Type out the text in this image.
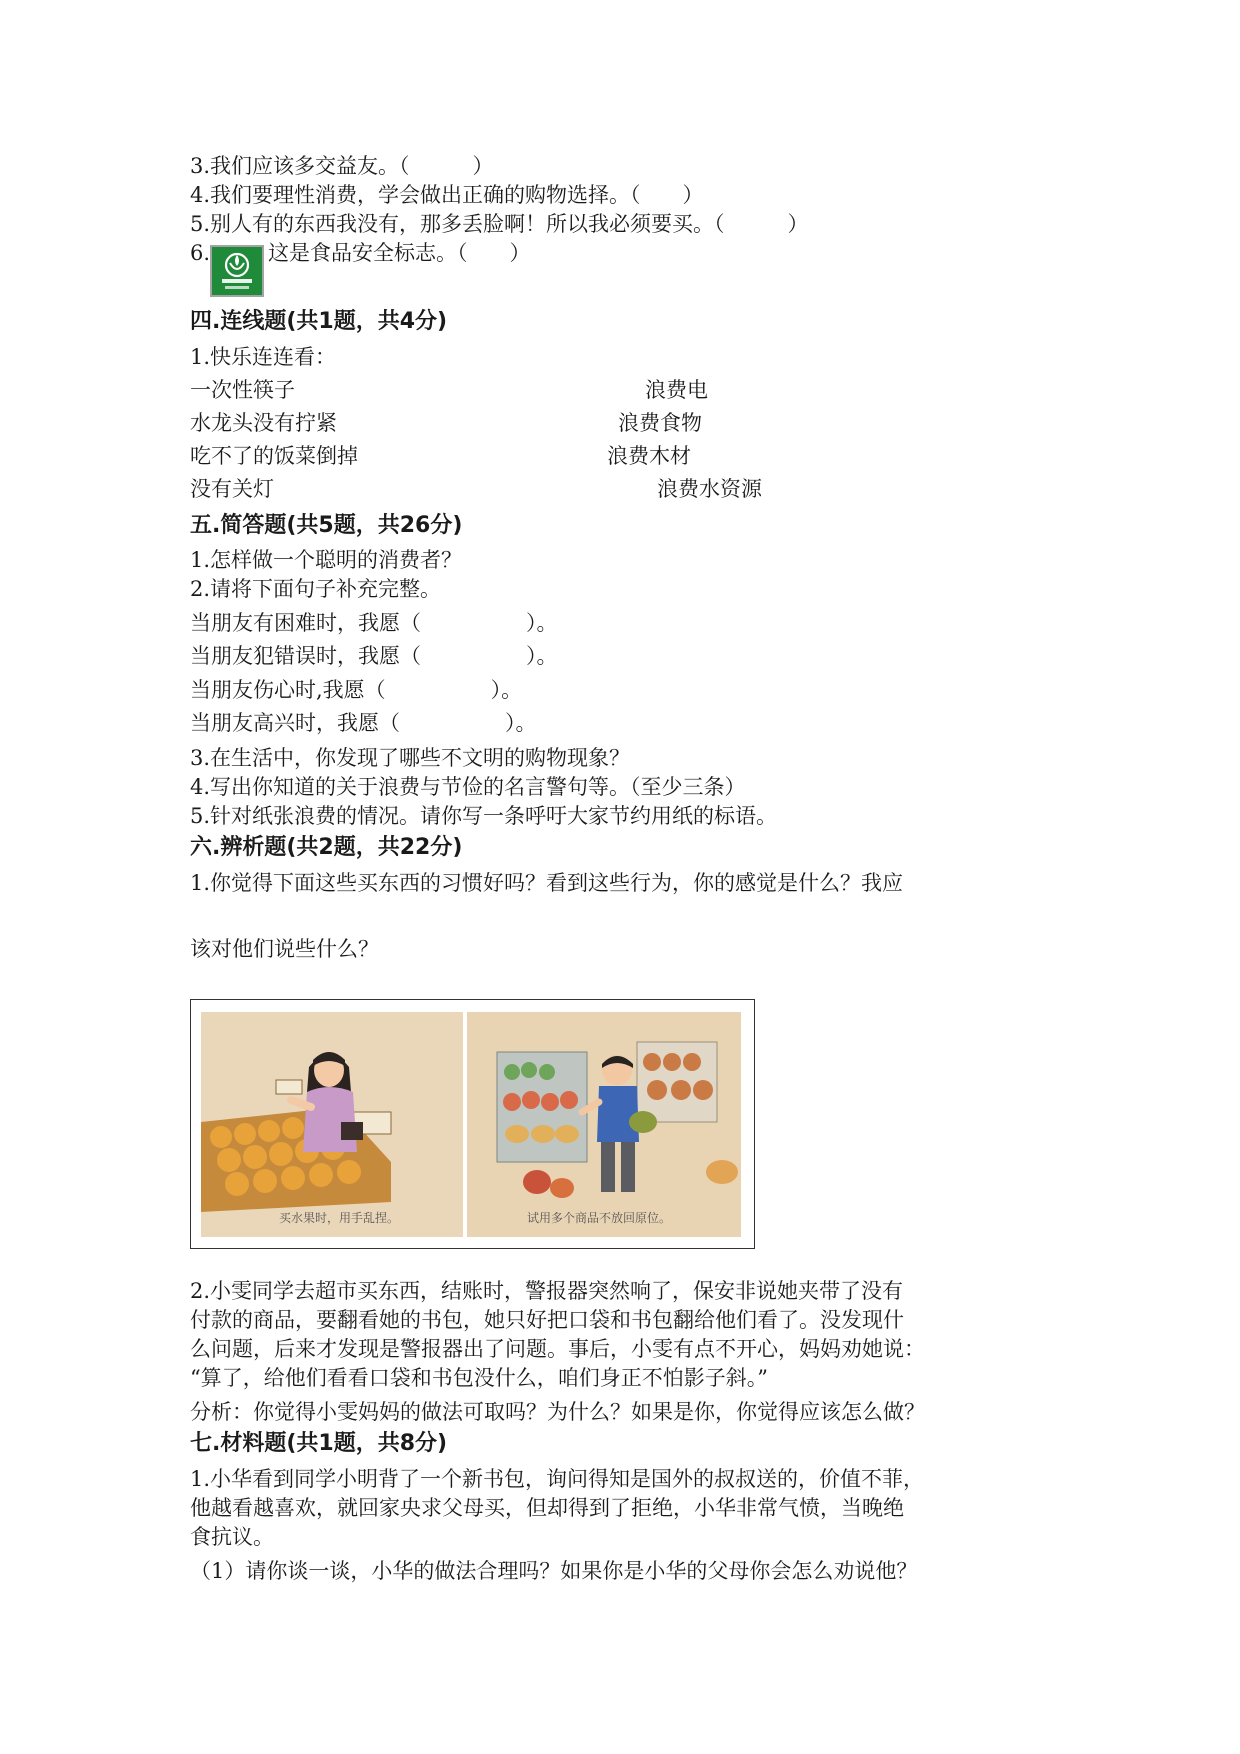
3.我们应该多交益友。（　　　）
4.我们要理性消费，学会做出正确的购物选择。（　　）
5.别人有的东西我没有，那多丢脸啊！所以我必须要买。（　　　）
6.	这是食品安全标志。（　　）
四.连线题(共1题，共4分)
1.快乐连连看：
一次性筷子
水龙头没有拧紧
吃不了的饭菜倒掉
没有关灯
浪费电
浪费食物
浪费木材
浪费水资源
五.简答题(共5题，共26分)
1.怎样做一个聪明的消费者？
2.请将下面句子补充完整。
当朋友有困难时，我愿（　　　　　）。
当朋友犯错误时，我愿（　　　　　）。
当朋友伤心时,我愿（　　　　　）。
当朋友高兴时，我愿（　　　　　）。
3.在生活中，你发现了哪些不文明的购物现象？
4.写出你知道的关于浪费与节俭的名言警句等。（至少三条）
5.针对纸张浪费的情况。请你写一条呼吁大家节约用纸的标语。
六.辨析题(共2题，共22分)
1.你觉得下面这些买东西的习惯好吗？看到这些行为，你的感觉是什么？我应
该对他们说些什么？
买水果时，用手乱捏。	试用多个商品不放回原位。
2.小雯同学去超市买东西，结账时，警报器突然响了，保安非说她夹带了没有
付款的商品，要翻看她的书包，她只好把口袋和书包翻给他们看了。没发现什
么问题，后来才发现是警报器出了问题。事后，小雯有点不开心，妈妈劝她说：
“算了，给他们看看口袋和书包没什么，咱们身正不怕影子斜。”
分析：你觉得小雯妈妈的做法可取吗？为什么？如果是你，你觉得应该怎么做？
七.材料题(共1题，共8分)
1.小华看到同学小明背了一个新书包，询问得知是国外的叔叔送的，价值不菲，
他越看越喜欢，就回家央求父母买，但却得到了拒绝，小华非常气愤，当晚绝
食抗议。
（1）请你谈一谈，小华的做法合理吗？如果你是小华的父母你会怎么劝说他？
